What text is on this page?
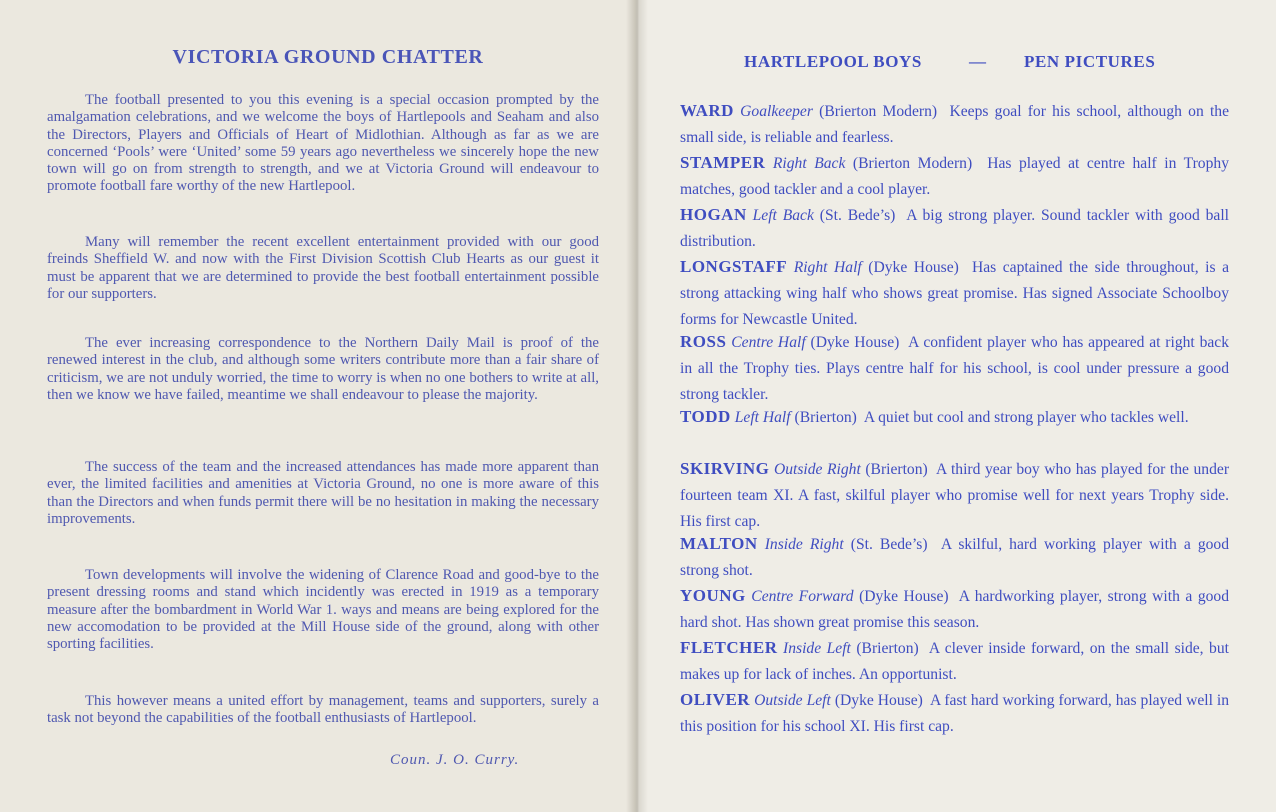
VICTORIA GROUND CHATTER

The football presented to you this evening is a special occasion prompted by the amalgamation celebrations, and we welcome the boys of Hartlepools and Seaham and also the Directors, Players and Officials of Heart of Midlothian. Although as far as we are concerned ‘Pools’ were ‘United’ some 59 years ago nevertheless we sincerely hope the new town will go on from strength to strength, and we at Victoria Ground will endeavour to promote football fare worthy of the new Hartlepool.

Many will remember the recent excellent entertainment provided with our good freinds Sheffield W. and now with the First Division Scottish Club Hearts as our guest it must be apparent that we are determined to provide the best football entertainment possible for our supporters.

The ever increasing correspondence to the Northern Daily Mail is proof of the renewed interest in the club, and although some writers contribute more than a fair share of criticism, we are not unduly worried, the time to worry is when no one bothers to write at all, then we know we have failed, meantime we shall endeavour to please the majority.

The success of the team and the increased attendances has made more apparent than ever, the limited facilities and amenities at Victoria Ground, no one is more aware of this than the Directors and when funds permit there will be no hesitation in making the necessary improvements.

Town developments will involve the widening of Clarence Road and good-bye to the present dressing rooms and stand which incidently was erected in 1919 as a temporary measure after the bombardment in World War 1. ways and means are being explored for the new accomodation to be provided at the Mill House side of the ground, along with other sporting facilities.

This however means a united effort by management, teams and supporters, surely a task not beyond the capabilities of the football enthusiasts of Hartlepool.

Coun. J. O. Curry.
HARTLEPOOL BOYS	— PEN PICTURES
WARD Goalkeeper (Brierton Modern) Keeps goal for his school, although on the small side, is reliable and fearless.
STAMPER Right Back (Brierton Modern) Has played at centre half in Trophy matches, good tackler and a cool player.
HOGAN Left Back (St. Bede’s) A big strong player. Sound tackler with good ball distribution.
LONGSTAFF Right Half (Dyke House) Has captained the side throughout, is a strong attacking wing half who shows great promise. Has signed Associate Schoolboy forms for Newcastle United.
ROSS Centre Half (Dyke House) A confident player who has appeared at right back in all the Trophy ties. Plays centre half for his school, is cool under pressure a good strong tackler.
TODD Left Half (Brierton) A quiet but cool and strong player who tackles well.
SKIRVING Outside Right (Brierton) A third year boy who has played for the under fourteen team XI. A fast, skilful player who promise well for next years Trophy side. His first cap.
MALTON Inside Right (St. Bede’s) A skilful, hard working player with a good strong shot.
YOUNG Centre Forward (Dyke House) A hardworking player, strong with a good hard shot. Has shown great promise this season.
FLETCHER Inside Left (Brierton) A clever inside forward, on the small side, but makes up for lack of inches. An opportunist.
OLIVER Outside Left (Dyke House) A fast hard working forward, has played well in this position for his school XI. His first cap.
